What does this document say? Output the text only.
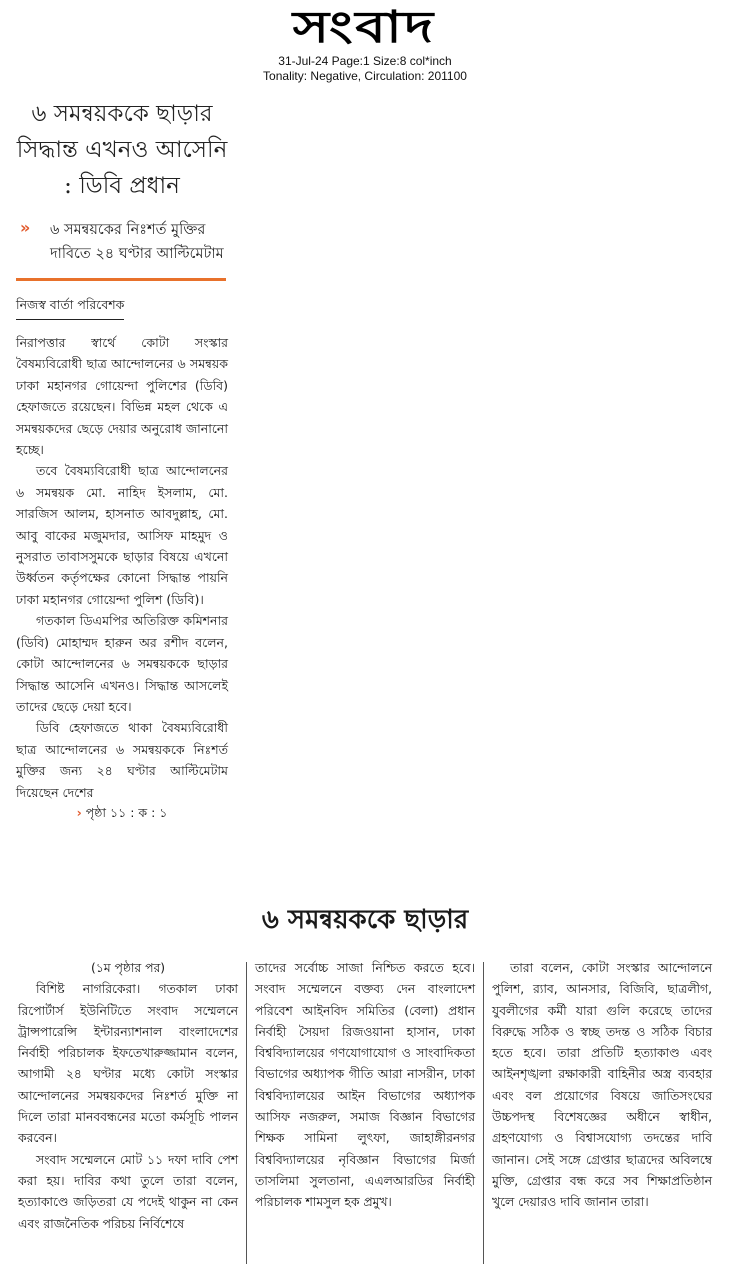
সংবাদ
31-Jul-24 Page:1 Size:8 col*inch
Tonality: Negative, Circulation: 201100
৬ সমন্বয়ককে ছাড়ার সিদ্ধান্ত এখনও আসেনি : ডিবি প্রধান
» ৬ সমন্বয়কের নিঃশর্ত মুক্তির দাবিতে ২৪ ঘণ্টার আল্টিমেটাম
নিজস্ব বার্তা পরিবেশক

নিরাপত্তার স্বার্থে কোটা সংস্কার বৈষম্যবিরোধী ছাত্র আন্দোলনের ৬ সমন্বয়ক ঢাকা মহানগর গোয়েন্দা পুলিশের (ডিবি) হেফাজতে রয়েছেন। বিভিন্ন মহল থেকে এ সমন্বয়কদের ছেড়ে দেয়ার অনুরোধ জানানো হচ্ছে।

তবে বৈষম্যবিরোধী ছাত্র আন্দোলনের ৬ সমন্বয়ক মো. নাহিদ ইসলাম, মো. সারজিস আলম, হাসনাত আবদুল্লাহ, মো. আবু বাকের মজুমদার, আসিফ মাহমুদ ও নুসরাত তাবাসসুমকে ছাড়ার বিষয়ে এখনো উর্ধ্বতন কর্তৃপক্ষের কোনো সিদ্ধান্ত পায়নি ঢাকা মহানগর গোয়েন্দা পুলিশ (ডিবি)।

গতকাল ডিএমপির অতিরিক্ত কমিশনার (ডিবি) মোহাম্মদ হারুন অর রশীদ বলেন, কোটা আন্দোলনের ৬ সমন্বয়ককে ছাড়ার সিদ্ধান্ত আসেনি এখনও। সিদ্ধান্ত আসলেই তাদের ছেড়ে দেয়া হবে।

ডিবি হেফাজতে থাকা বৈষম্যবিরোধী ছাত্র আন্দোলনের ৬ সমন্বয়ককে নিঃশর্ত মুক্তির জন্য ২৪ ঘণ্টার আল্টিমেটাম দিয়েছেন দেশের

› পৃষ্ঠা ১১ : ক : ১
৬ সমন্বয়ককে ছাড়ার

(১ম পৃষ্ঠার পর)

বিশিষ্ট নাগরিকেরা। গতকাল ঢাকা রিপোর্টার্স ইউনিটিতে সংবাদ সম্মেলনে ট্রান্সপারেন্সি ইন্টারন্যাশনাল বাংলাদেশের নির্বাহী পরিচালক ইফতেখারুজ্জামান বলেন, আগামী ২৪ ঘণ্টার মধ্যে কোটা সংস্কার আন্দোলনের সমন্বয়কদের নিঃশর্ত মুক্তি না দিলে তারা মানববন্ধনের মতো কর্মসূচি পালন করবেন।

সংবাদ সম্মেলনে মোট ১১ দফা দাবি পেশ করা হয়। দাবির কথা তুলে তারা বলেন, হত্যাকাণ্ডে জড়িতরা যে পদেই থাকুন না কেন এবং রাজনৈতিক পরিচয় নির্বিশেষে

তাদের সর্বোচ্চ সাজা নিশ্চিত করতে হবে। সংবাদ সম্মেলনে বক্তব্য দেন বাংলাদেশ পরিবেশ আইনবিদ সমিতির (বেলা) প্রধান নির্বাহী সৈয়দা রিজওয়ানা হাসান, ঢাকা বিশ্ববিদ্যালয়ের গণযোগাযোগ ও সাংবাদিকতা বিভাগের অধ্যাপক গীতি আরা নাসরীন, ঢাকা বিশ্ববিদ্যালয়ের আইন বিভাগের অধ্যাপক আসিফ নজরুল, সমাজ বিজ্ঞান বিভাগের শিক্ষক সামিনা লুৎফা, জাহাঙ্গীরনগর বিশ্ববিদ্যালয়ের নৃবিজ্ঞান বিভাগের মির্জা তাসলিমা সুলতানা, এএলআরডির নির্বাহী পরিচালক শামসুল হক প্রমুখ।

তারা বলেন, কোটা সংস্কার আন্দোলনে পুলিশ, র‍্যাব, আনসার, বিজিবি, ছাত্রলীগ, যুবলীগের কর্মী যারা গুলি করেছে তাদের বিরুদ্ধে সঠিক ও স্বচ্ছ তদন্ত ও সঠিক বিচার হতে হবে। তারা প্রতিটি হত্যাকাণ্ড এবং আইনশৃঙ্খলা রক্ষাকারী বাহিনীর অস্ত্র ব্যবহার এবং বল প্রয়োগের বিষয়ে জাতিসংঘের উচ্চপদস্থ বিশেষজ্ঞের অধীনে স্বাধীন, গ্রহণযোগ্য ও বিশ্বাসযোগ্য তদন্তের দাবি জানান। সেই সঙ্গে গ্রেপ্তার ছাত্রদের অবিলম্বে মুক্তি, গ্রেপ্তার বন্ধ করে সব শিক্ষাপ্রতিষ্ঠান খুলে দেয়ারও দাবি জানান তারা।
